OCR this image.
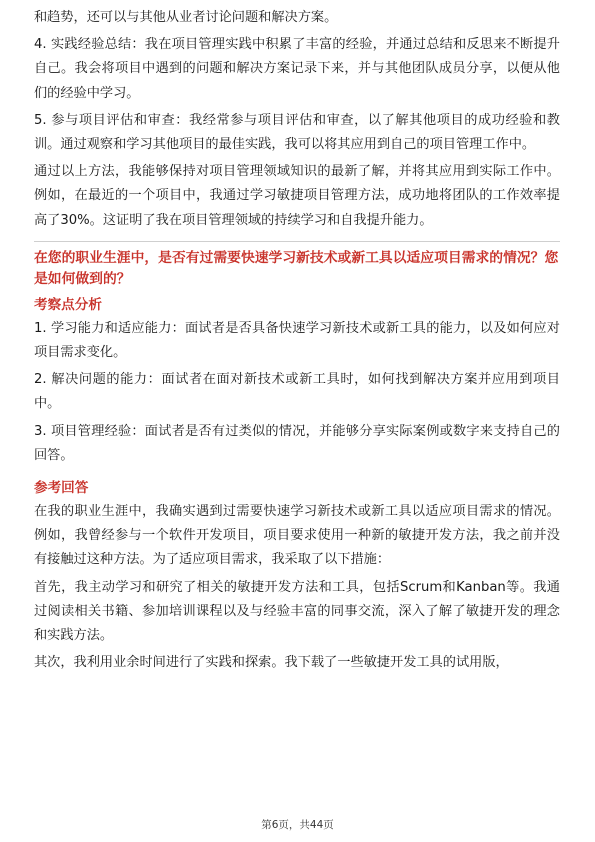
和趋势，还可以与其他从业者讨论问题和解决方案。

4. 实践经验总结：我在项目管理实践中积累了丰富的经验，并通过总结和反思来不断提升自己。我会将项目中遇到的问题和解决方案记录下来，并与其他团队成员分享，以便从他们的经验中学习。

5. 参与项目评估和审查：我经常参与项目评估和审查，以了解其他项目的成功经验和教训。通过观察和学习其他项目的最佳实践，我可以将其应用到自己的项目管理工作中。

通过以上方法，我能够保持对项目管理领域知识的最新了解，并将其应用到实际工作中。例如，在最近的一个项目中，我通过学习敏捷项目管理方法，成功地将团队的工作效率提高了30%。这证明了我在项目管理领域的持续学习和自我提升能力。

在您的职业生涯中，是否有过需要快速学习新技术或新工具以适应项目需求的情况？您是如何做到的？
考察点分析

1. 学习能力和适应能力：面试者是否具备快速学习新技术或新工具的能力，以及如何应对项目需求变化。

2. 解决问题的能力：面试者在面对新技术或新工具时，如何找到解决方案并应用到项目中。

3. 项目管理经验：面试者是否有过类似的情况，并能够分享实际案例或数字来支持自己的回答。

参考回答

在我的职业生涯中，我确实遇到过需要快速学习新技术或新工具以适应项目需求的情况。例如，我曾经参与一个软件开发项目，项目要求使用一种新的敏捷开发方法，我之前并没有接触过这种方法。为了适应项目需求，我采取了以下措施：

首先，我主动学习和研究了相关的敏捷开发方法和工具，包括Scrum和Kanban等。我通过阅读相关书籍、参加培训课程以及与经验丰富的同事交流，深入了解了敏捷开发的理念和实践方法。

其次，我利用业余时间进行了实践和探索。我下载了一些敏捷开发工具的试用版，

第6页，共44页
